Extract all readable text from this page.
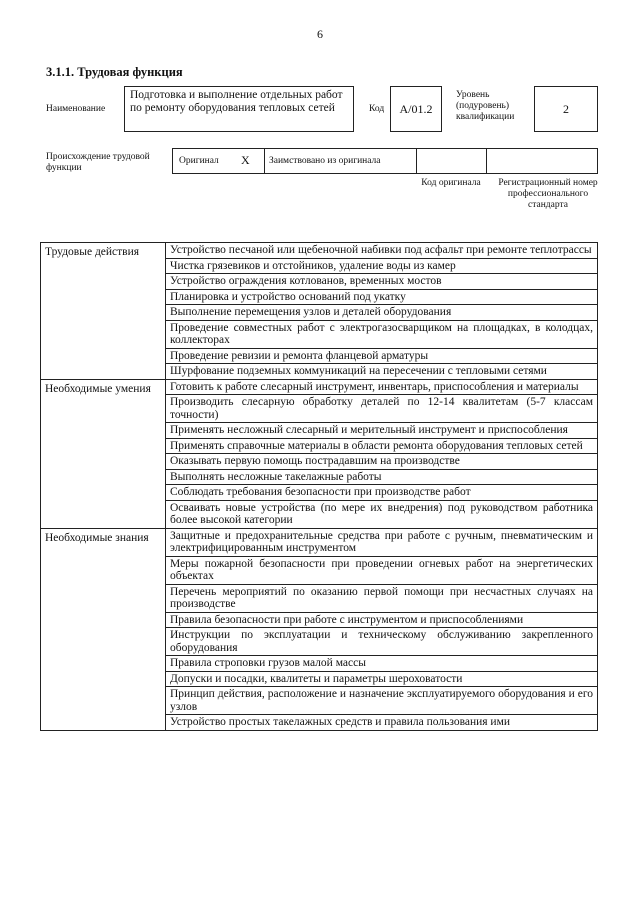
6
3.1.1. Трудовая функция
Наименование
Подготовка и выполнение отдельных работ по ремонту оборудования тепловых сетей	Код	A/01.2
Уровень (подуровень) квалификации
2
Происхождение трудовой функции
Оригинал X Заимствовано из оригинала
Код оригинала	Регистрационный номер профессионального стандарта
Трудовые действия	Устройство песчаной или щебеночной набивки под асфальт при ремонте теплотрассы
	Чистка грязевиков и отстойников, удаление воды из камер
	Устройство ограждения котлованов, временных мостов
	Планировка и устройство оснований под укатку
	Выполнение перемещения узлов и деталей оборудования
	Проведение совместных работ с электрогазосварщиком на площадках, в колодцах, коллекторах
	Проведение ревизии и ремонта фланцевой арматуры
	Шурфование подземных коммуникаций на пересечении с тепловыми сетями
Необходимые умения	Готовить к работе слесарный инструмент, инвентарь, приспособления и материалы
	Производить слесарную обработку деталей по 12-14 квалитетам (5-7 классам точности)
	Применять несложный слесарный и мерительный инструмент и приспособления
	Применять справочные материалы в области ремонта оборудования тепловых сетей
	Оказывать первую помощь пострадавшим на производстве
	Выполнять несложные такелажные работы
	Соблюдать требования безопасности при производстве работ
	Осваивать новые устройства (по мере их внедрения) под руководством работника более высокой категории
Необходимые знания	Защитные и предохранительные средства при работе с ручным, пневматическим и электрифицированным инструментом
	Меры пожарной безопасности при проведении огневых работ на энергетических объектах
	Перечень мероприятий по оказанию первой помощи при несчастных случаях на производстве
	Правила безопасности при работе с инструментом и приспособлениями
	Инструкции по эксплуатации и техническому обслуживанию закрепленного оборудования
	Правила строповки грузов малой массы
	Допуски и посадки, квалитеты и параметры шероховатости
	Принцип действия, расположение и назначение эксплуатируемого оборудования и его узлов
	Устройство простых такелажных средств и правила пользования ими
